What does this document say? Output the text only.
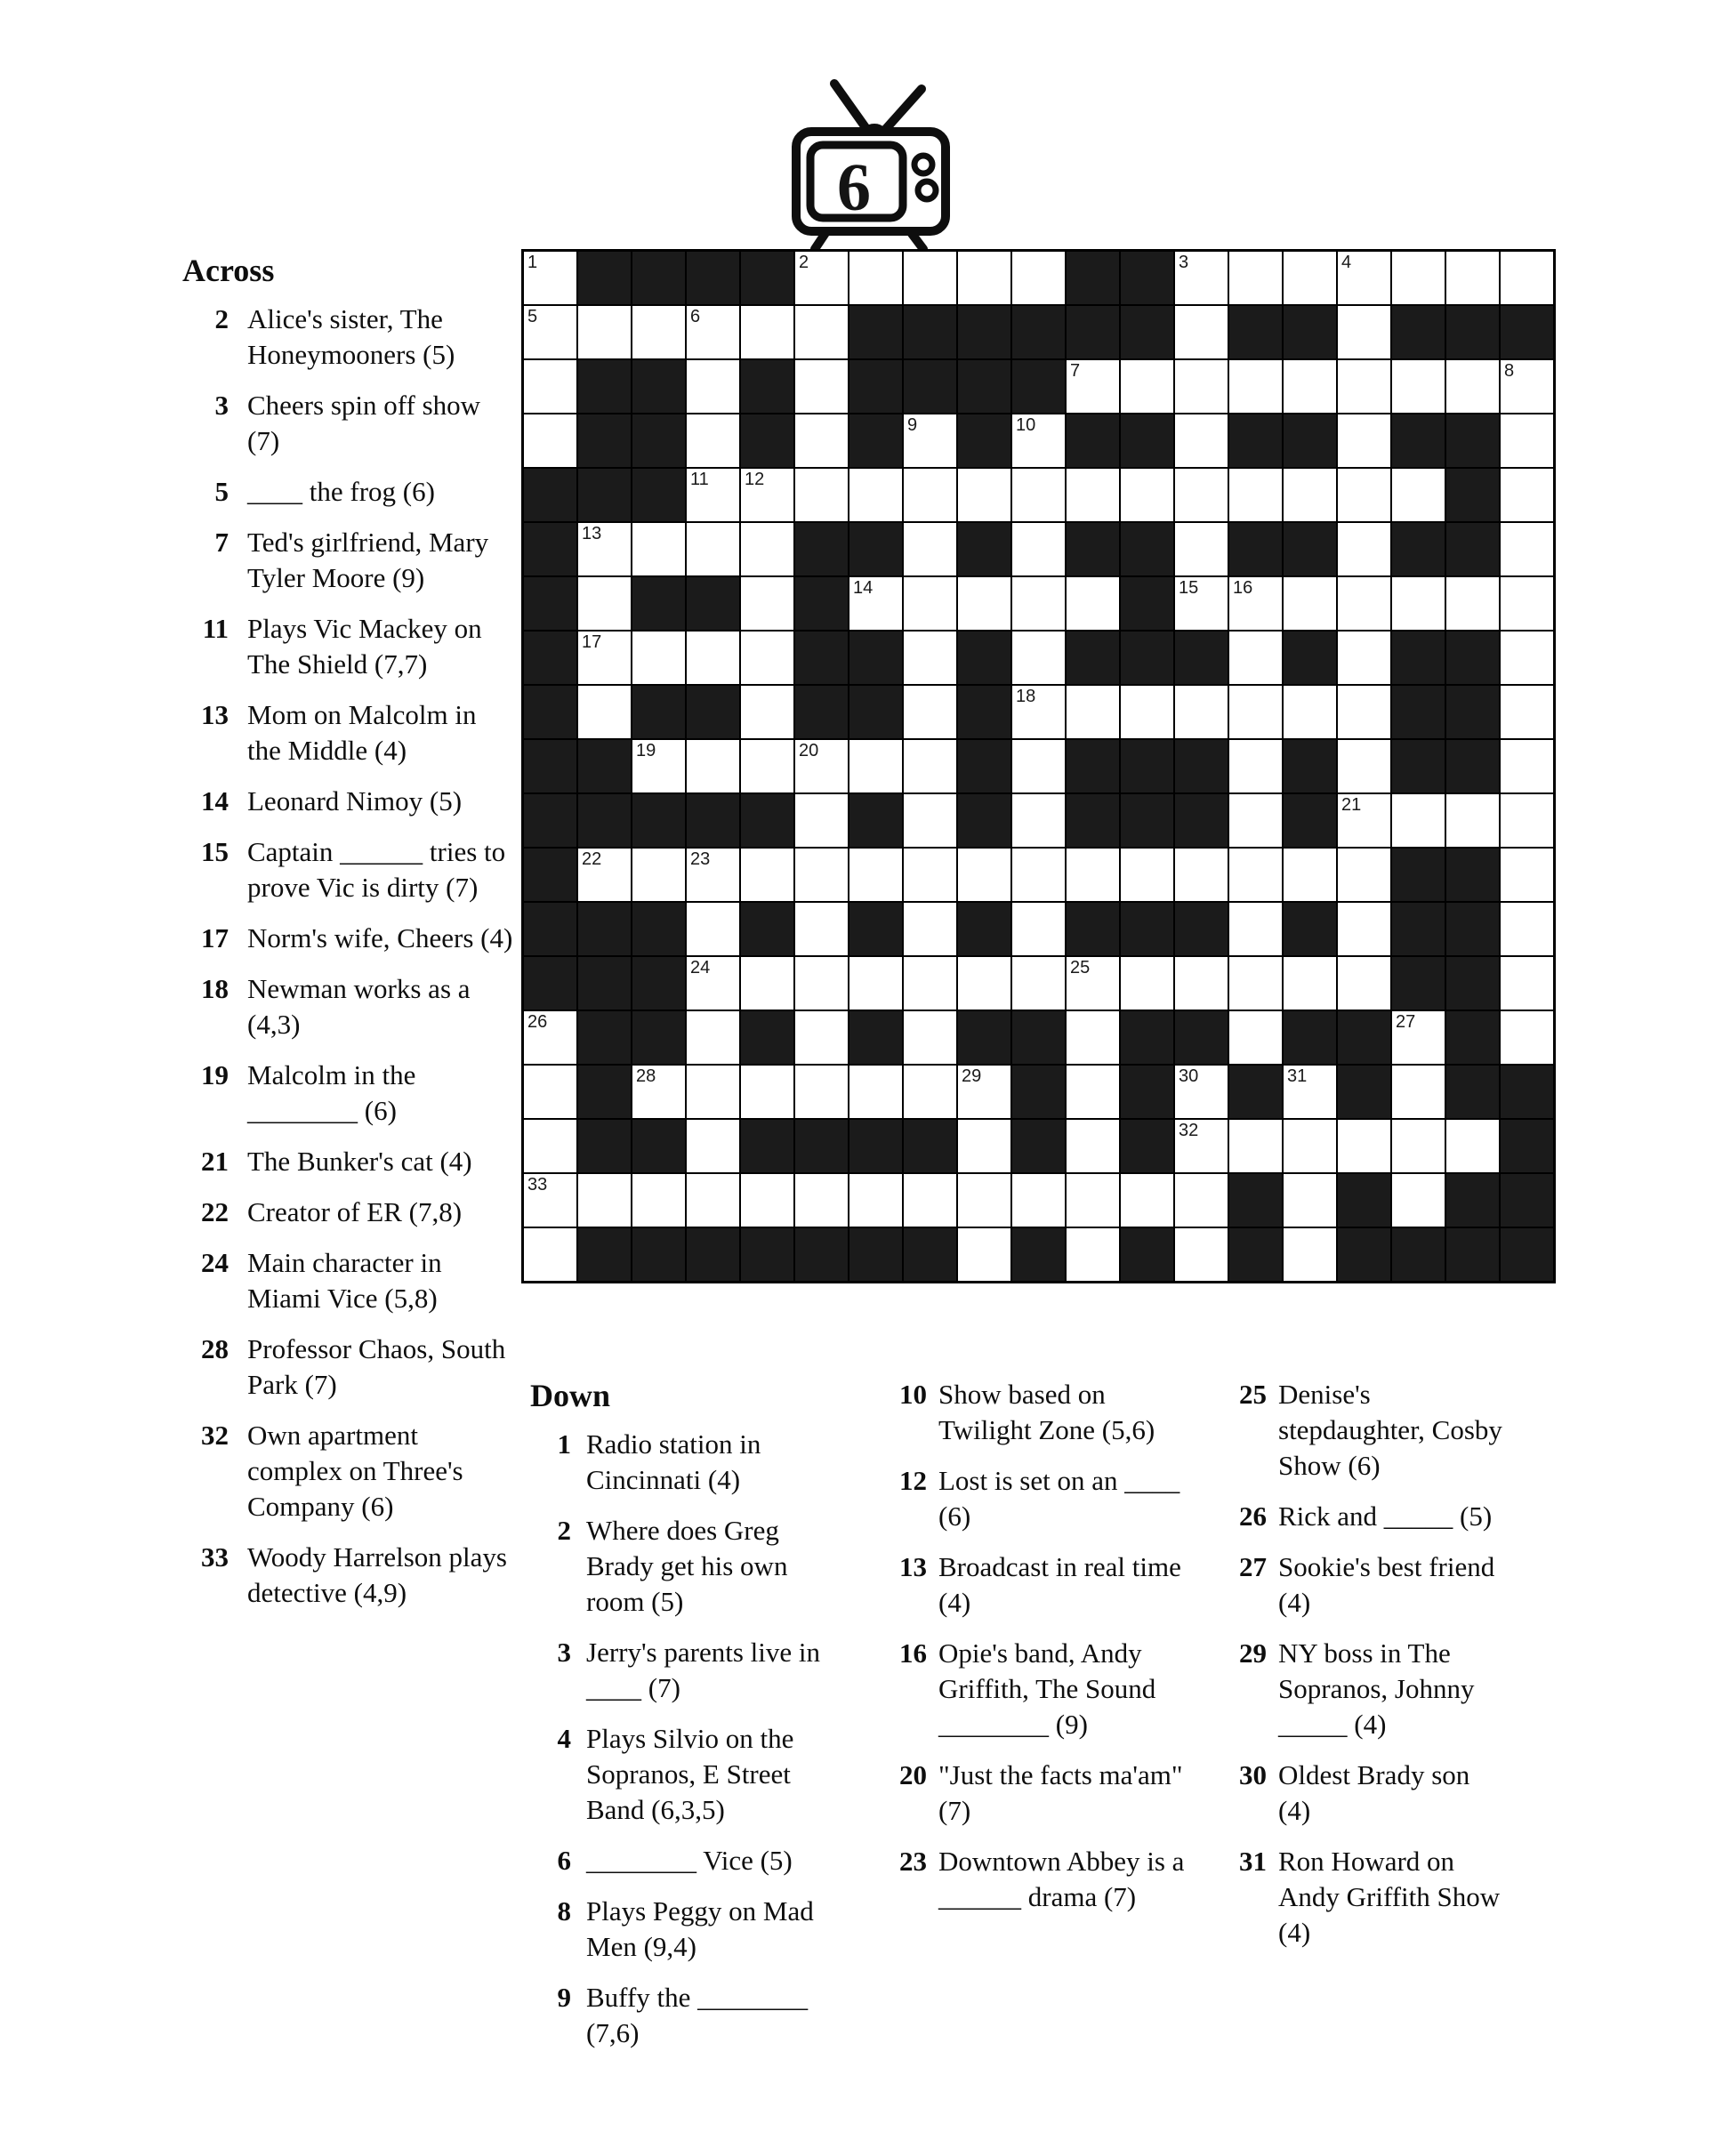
6
1	2	3	4
5	6
7	8
9	10
11 12
13
14	15 16
17
18
19	20
21
22	23
24	25
26	27
28	29	30	31
32
33
Across
2 Alice's sister, The Honeymooners (5)
3 Cheers spin off show (7)
5 ____ the frog (6)
7 Ted's girlfriend, Mary Tyler Moore (9)
11 Plays Vic Mackey on The Shield (7,7)
13 Mom on Malcolm in the Middle (4)
14 Leonard Nimoy (5)
15 Captain ______ tries to prove Vic is dirty (7)
17 Norm's wife, Cheers (4)
18 Newman works as a (4,3)
19 Malcolm in the ________ (6)
21 The Bunker's cat (4)
22 Creator of ER (7,8)
24 Main character in Miami Vice (5,8)
28 Professor Chaos, South Park (7)
32 Own apartment complex on Three's Company (6)
33 Woody Harrelson plays detective (4,9)
Down
1 Radio station in Cincinnati (4)
2 Where does Greg Brady get his own room (5)
3 Jerry's parents live in ____ (7)
4 Plays Silvio on the Sopranos, E Street Band (6,3,5)
6 ________ Vice (5)
8 Plays Peggy on Mad Men (9,4)
9 Buffy the ________ (7,6)
10 Show based on Twilight Zone (5,6)
12 Lost is set on an ____ (6)
13 Broadcast in real time (4)
16 Opie's band, Andy Griffith, The Sound ________ (9)
20 "Just the facts ma'am" (7)
23 Downtown Abbey is a ______ drama (7)
25 Denise's stepdaughter, Cosby Show (6)
26 Rick and _____ (5)
27 Sookie's best friend (4)
29 NY boss in The Sopranos, Johnny _____ (4)
30 Oldest Brady son (4)
31 Ron Howard on Andy Griffith Show (4)
